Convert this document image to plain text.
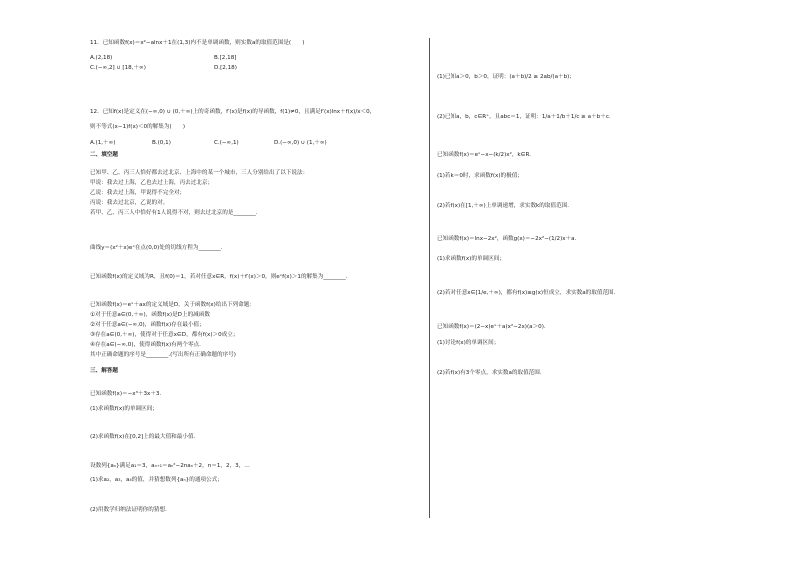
11．已知函数f(x)＝x²−alnx＋1在(1,3)内不是单调函数，则实数a的取值范围是(　　)
A.(2,18)	B.[2,18]
C.(−∞,2] ∪ [18,＋∞)	D.[2,18)
12．已知f(x)是定义在(−∞,0) ∪ (0,＋∞)上的奇函数，f′(x)是f(x)的导函数，f(1)≠0，且满足f′(x)lnx＋f(x)/x＜0，
则不等式(x−1)f(x)＜0的解集为(　　)
A.(1,＋∞)	B.(0,1)	C.(−∞,1)	D.(−∞,0) ∪ (1,＋∞)
二、填空题
已知甲、乙、丙三人恰好都去过北京、上海中的某一个城市，三人分别给出了以下说法：
甲说：我去过上海，乙也去过上海，丙去过北京；
乙说：我去过上海，甲说得不完全对；
丙说：我去过北京，乙说的对。
若甲、乙、丙三人中恰好有1人说得不对，则去过北京的是________.
曲线y＝(x²＋x)eˣ在点(0,0)处的切线方程为________.
已知函数f(x)的定义域为R，且f(0)＝1，若对任意x∈R，f(x)＋f′(x)＞0，则eˣf(x)＞1的解集为________.
已知函数f(x)＝eˣ＋ax的定义域是D，关于函数f(x)给出下列命题：
①对于任意a∈(0,＋∞)，函数f(x)是D上的减函数
②对于任意a∈(−∞,0)，函数f(x)存在最小值；
③存在a∈(0,＋∞)，使得对于任意x∈D，都有f(x)＞0成立；
④存在a∈(−∞,0)，使得函数f(x)有两个零点.
其中正确命题的序号是________.(写出所有正确命题的序号)
三、解答题
已知函数f(x)＝−x³＋3x＋3.
(1)求函数f(x)的单调区间；
(2)求函数f(x)在[0,2]上的最大值和最小值.
设数列{aₙ}满足a₁＝3，aₙ₊₁＝aₙ²−2naₙ＋2，n＝1，2，3，…
(1)求a₂，a₃，a₄的值，并猜想数列{aₙ}的通项公式；
(2)用数学归纳法证明你的猜想.
(1)已知a＞0，b＞0，证明：(a＋b)/2 ≥ 2ab/(a＋b)；
(2)已知a，b，c∈R⁺，且abc＝1，证明：1/a＋1/b＋1/c ≥ a＋b＋c.
已知函数f(x)＝eˣ−x−(k/2)x²，k∈R.
(1)若k＝0时，求函数f(x)的极值；
(2)若f(x)在[1,＋∞)上单调递增，求实数k的取值范围.
已知函数f(x)＝lnx−2x²，函数g(x)＝−2x²−(1/2)x＋a.
(1)求函数f(x)的单调区间；
(2)若对任意x∈[1/e,＋∞)，都有f(x)≥g(x)恒成立，求实数a的取值范围.
已知函数f(x)＝(2−x)eˣ＋a(x²−2x)(a＞0).
(1)讨论f(x)的单调区间；
(2)若f(x)有3个零点，求实数a的取值范围.
